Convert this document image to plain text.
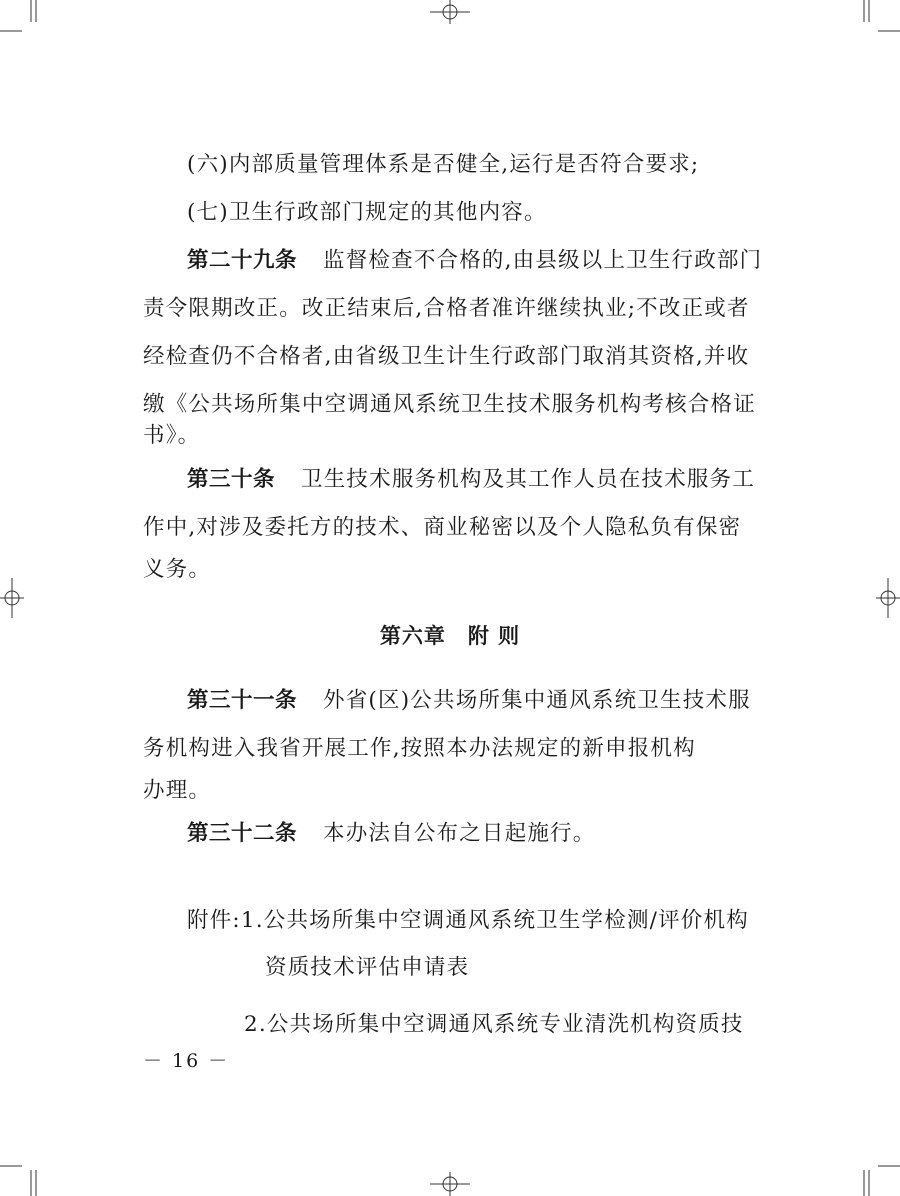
(六)内部质量管理体系是否健全,运行是否符合要求;
(七)卫生行政部门规定的其他内容。
第二十九条 监督检查不合格的,由县级以上卫生行政部门
责令限期改正。改正结束后,合格者准许继续执业;不改正或者
经检查仍不合格者,由省级卫生计生行政部门取消其资格,并收
缴《公共场所集中空调通风系统卫生技术服务机构考核合格证
书》。
第三十条 卫生技术服务机构及其工作人员在技术服务工
作中,对涉及委托方的技术、商业秘密以及个人隐私负有保密
义务。
第三十一条 外省(区)公共场所集中通风系统卫生技术服
务机构进入我省开展工作,按照本办法规定的新申报机构
办理。
第三十二条 本办法自公布之日起施行。
附件:1.公共场所集中空调通风系统卫生学检测/评价机构
资质技术评估申请表
2.公共场所集中空调通风系统专业清洗机构资质技
第六章　附 则
－ 16 －
